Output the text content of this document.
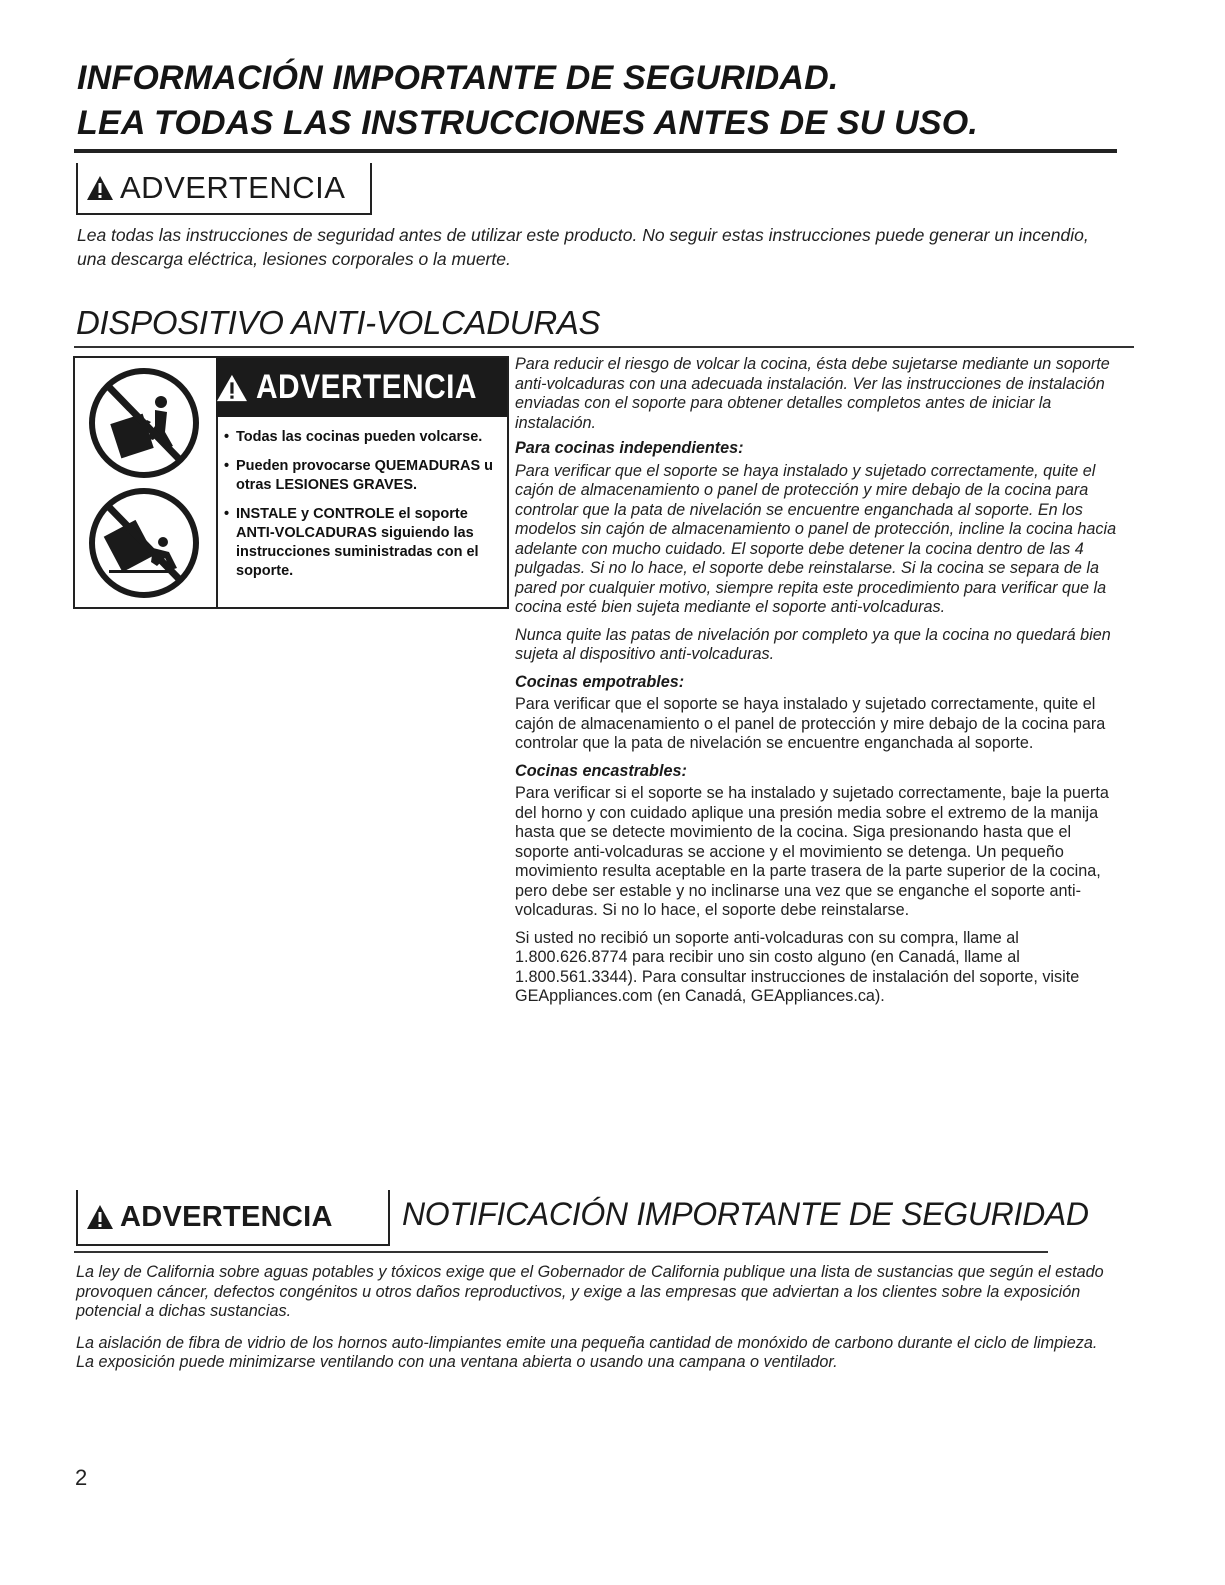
INFORMACIÓN IMPORTANTE DE SEGURIDAD.
LEA TODAS LAS INSTRUCCIONES ANTES DE SU USO.
ADVERTENCIA

Lea todas las instrucciones de seguridad antes de utilizar este producto. No seguir estas instrucciones puede generar un incendio, una descarga eléctrica, lesiones corporales o la muerte.

DISPOSITIVO ANTI-VOLCADURAS
ADVERTENCIA
• Todas las cocinas pueden volcarse.
• Pueden provocarse QUEMADURAS u otras LESIONES GRAVES.
• INSTALE y CONTROLE el soporte ANTI-VOLCADURAS siguiendo las instrucciones suministradas con el soporte.

Para reducir el riesgo de volcar la cocina, ésta debe sujetarse mediante un soporte anti-volcaduras con una adecuada instalación. Ver las instrucciones de instalación enviadas con el soporte para obtener detalles completos antes de iniciar la instalación.

Para cocinas independientes:

Para verificar que el soporte se haya instalado y sujetado correctamente, quite el cajón de almacenamiento o panel de protección y mire debajo de la cocina para controlar que la pata de nivelación se encuentre enganchada al soporte. En los modelos sin cajón de almacenamiento o panel de protección, incline la cocina hacia adelante con mucho cuidado. El soporte debe detener la cocina dentro de las 4 pulgadas. Si no lo hace, el soporte debe reinstalarse. Si la cocina se separa de la pared por cualquier motivo, siempre repita este procedimiento para verificar que la cocina esté bien sujeta mediante el soporte anti-volcaduras.

Nunca quite las patas de nivelación por completo ya que la cocina no quedará bien sujeta al dispositivo anti-volcaduras.

Cocinas empotrables:

Para verificar que el soporte se haya instalado y sujetado correctamente, quite el cajón de almacenamiento o el panel de protección y mire debajo de la cocina para controlar que la pata de nivelación se encuentre enganchada al soporte.

Cocinas encastrables:

Para verificar si el soporte se ha instalado y sujetado correctamente, baje la puerta del horno y con cuidado aplique una presión media sobre el extremo de la manija hasta que se detecte movimiento de la cocina. Siga presionando hasta que el soporte anti-volcaduras se accione y el movimiento se detenga. Un pequeño movimiento resulta aceptable en la parte trasera de la parte superior de la cocina, pero debe ser estable y no inclinarse una vez que se enganche el soporte anti-volcaduras. Si no lo hace, el soporte debe reinstalarse.

Si usted no recibió un soporte anti-volcaduras con su compra, llame al 1.800.626.8774 para recibir uno sin costo alguno (en Canadá, llame al 1.800.561.3344). Para consultar instrucciones de instalación del soporte, visite GEAppliances.com (en Canadá, GEAppliances.ca).

ADVERTENCIA NOTIFICACIÓN IMPORTANTE DE SEGURIDAD

La ley de California sobre aguas potables y tóxicos exige que el Gobernador de California publique una lista de sustancias que según el estado provoquen cáncer, defectos congénitos u otros daños reproductivos, y exige a las empresas que adviertan a los clientes sobre la exposición potencial a dichas sustancias.

La aislación de fibra de vidrio de los hornos auto-limpiantes emite una pequeña cantidad de monóxido de carbono durante el ciclo de limpieza. La exposición puede minimizarse ventilando con una ventana abierta o usando una campana o ventilador.

2
